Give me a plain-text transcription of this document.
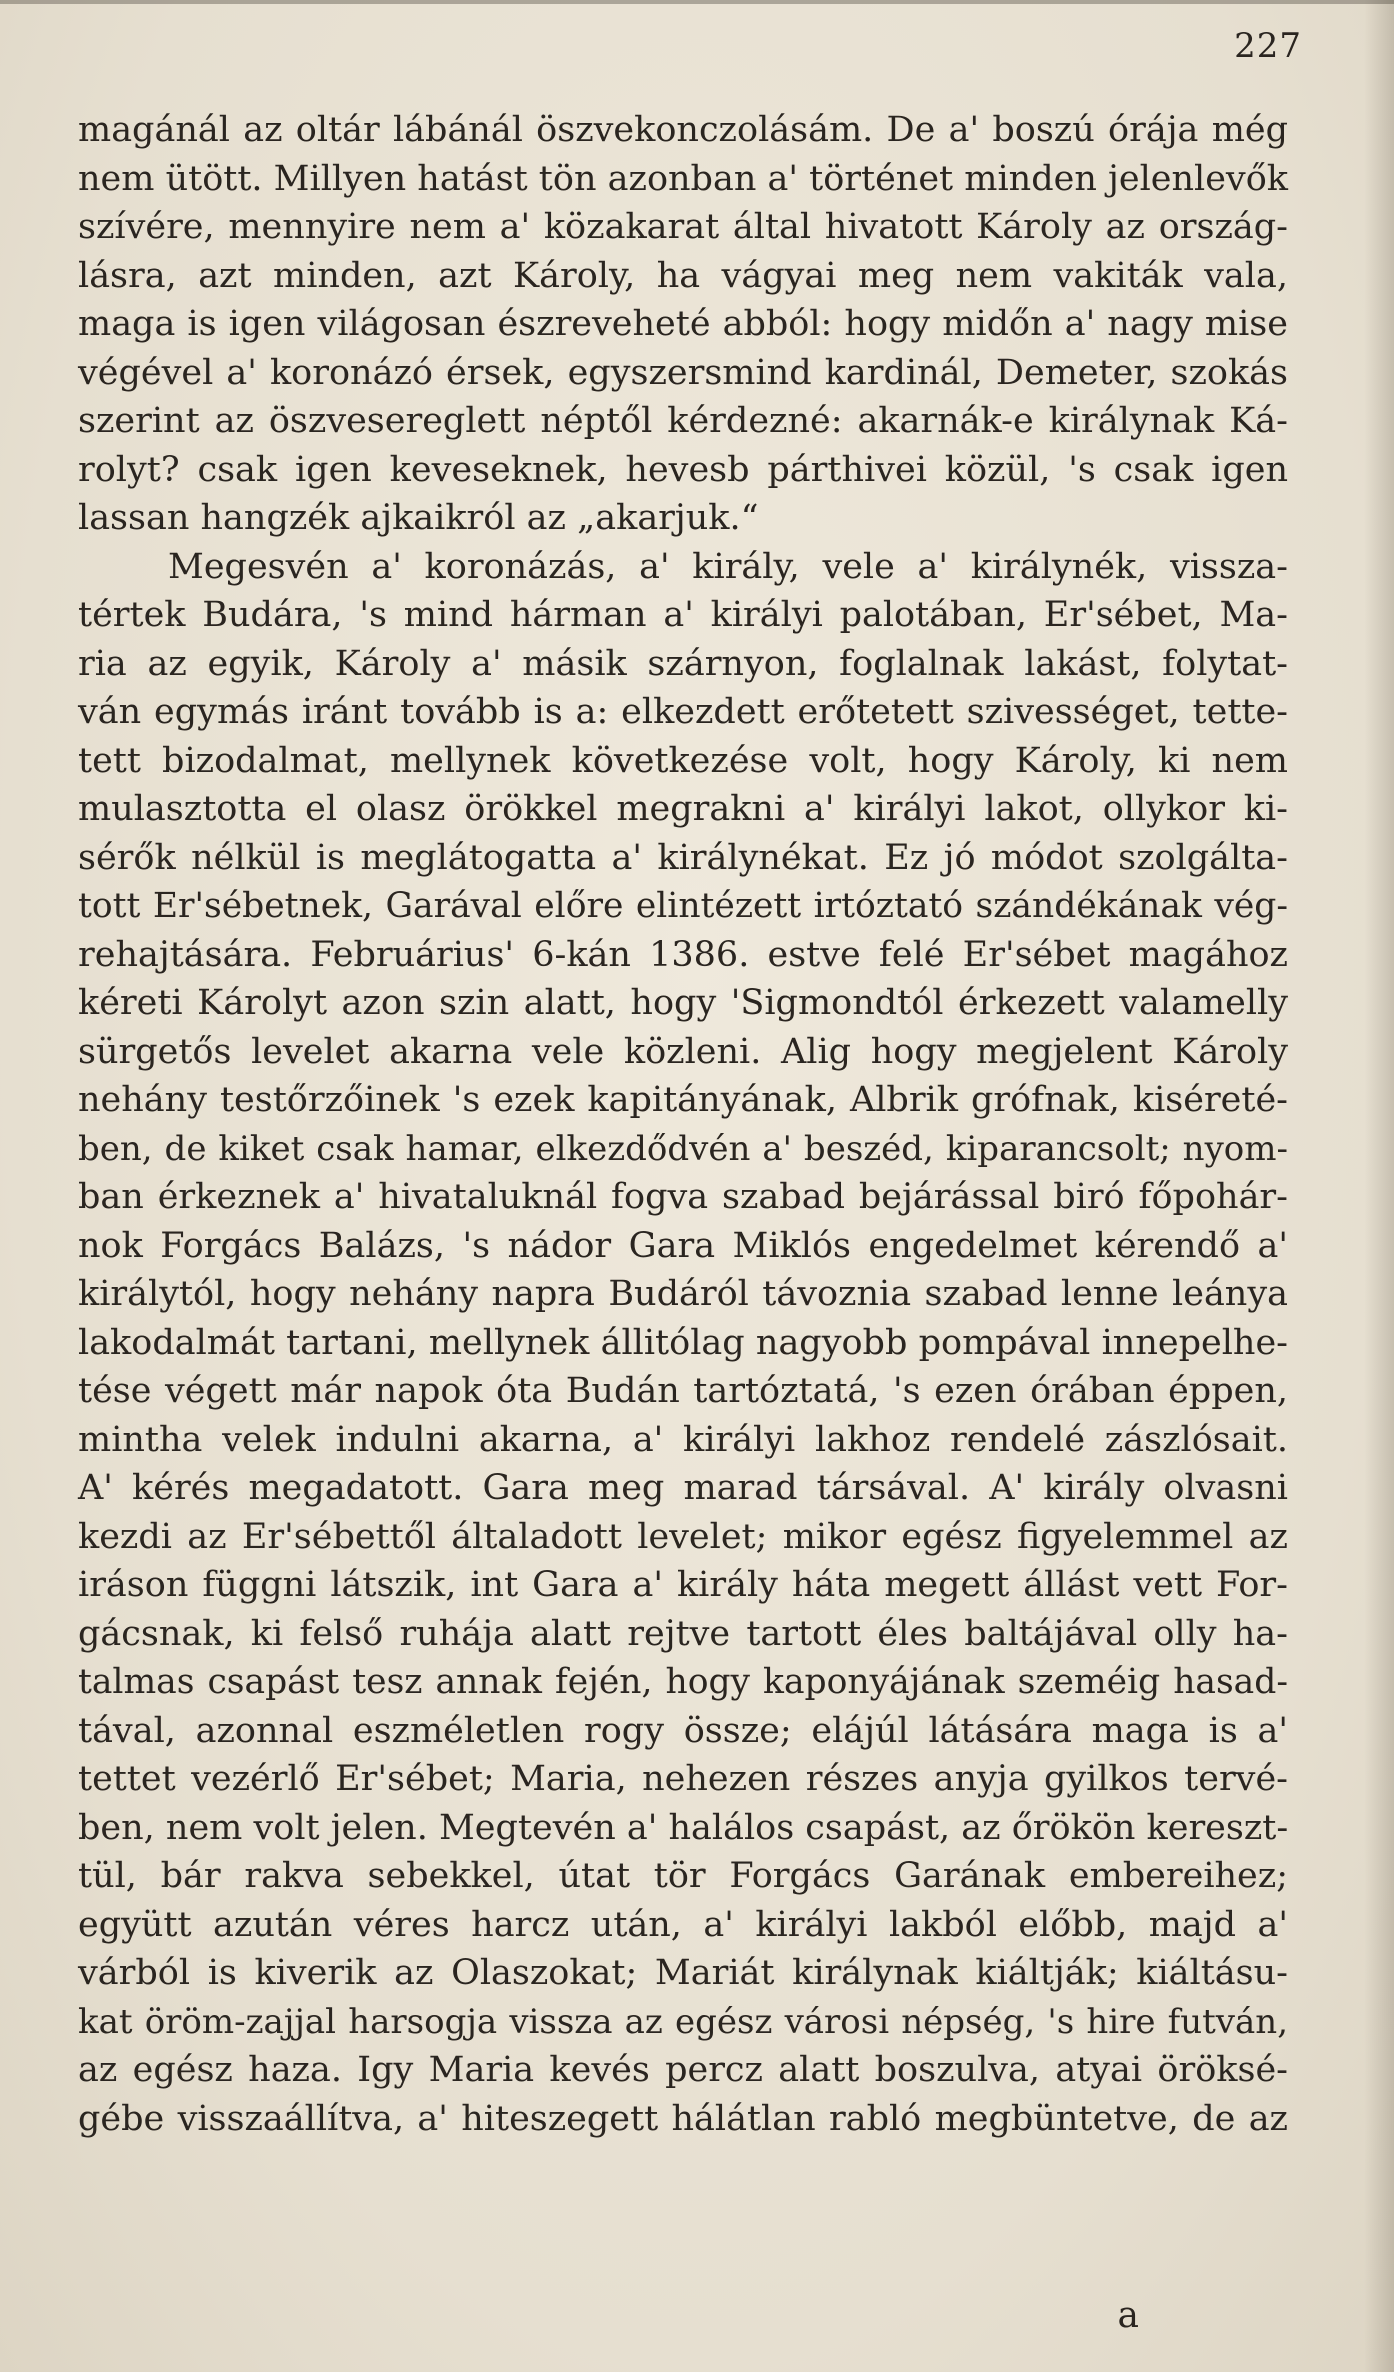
227
magánál az oltár lábánál öszvekonczolásám. De a' boszú órája még
nem ütött. Millyen hatást tön azonban a' történet minden jelenlevők
szívére, mennyire nem a' közakarat által hivatott Károly az ország-
lásra, azt minden, azt Károly, ha vágyai meg nem vakiták vala,
maga is igen világosan észreveheté abból: hogy midőn a' nagy mise
végével a' koronázó érsek, egyszersmind kardinál, Demeter, szokás
szerint az öszvesereglett néptől kérdezné: akarnák-e királynak Ká-
rolyt? csak igen keveseknek, hevesb párthivei közül, 's csak igen
lassan hangzék ajkaikról az „akarjuk.“
Megesvén a' koronázás, a' király, vele a' királynék, vissza-
tértek Budára, 's mind hárman a' királyi palotában, Er'sébet, Ma-
ria az egyik, Károly a' másik szárnyon, foglalnak lakást, folytat-
ván egymás iránt tovább is a: elkezdett erőtetett szivességet, tette-
tett bizodalmat, mellynek következése volt, hogy Károly, ki nem
mulasztotta el olasz örökkel megrakni a' királyi lakot, ollykor ki-
sérők nélkül is meglátogatta a' királynékat. Ez jó módot szolgálta-
tott Er'sébetnek, Garával előre elintézett irtóztató szándékának vég-
rehajtására. Februárius' 6-kán 1386. estve felé Er'sébet magához
kéreti Károlyt azon szin alatt, hogy 'Sigmondtól érkezett valamelly
sürgetős levelet akarna vele közleni. Alig hogy megjelent Károly
nehány testőrzőinek 's ezek kapitányának, Albrik grófnak, kiséreté-
ben, de kiket csak hamar, elkezdődvén a' beszéd, kiparancsolt; nyom-
ban érkeznek a' hivataluknál fogva szabad bejárással biró főpohár-
nok Forgács Balázs, 's nádor Gara Miklós engedelmet kérendő a'
királytól, hogy nehány napra Budáról távoznia szabad lenne leánya
lakodalmát tartani, mellynek állitólag nagyobb pompával innepelhe-
tése végett már napok óta Budán tartóztatá, 's ezen órában éppen,
mintha velek indulni akarna, a' királyi lakhoz rendelé zászlósait.
A' kérés megadatott. Gara meg marad társával. A' király olvasni
kezdi az Er'sébettől általadott levelet; mikor egész figyelemmel az
iráson függni látszik, int Gara a' király háta megett állást vett For-
gácsnak, ki felső ruhája alatt rejtve tartott éles baltájával olly ha-
talmas csapást tesz annak fején, hogy kaponyájának szeméig hasad-
tával, azonnal eszméletlen rogy össze; elájúl látására maga is a'
tettet vezérlő Er'sébet; Maria, nehezen részes anyja gyilkos tervé-
ben, nem volt jelen. Megtevén a' halálos csapást, az őrökön kereszt-
tül, bár rakva sebekkel, útat tör Forgács Garának embereihez;
együtt azután véres harcz után, a' királyi lakból előbb, majd a'
várból is kiverik az Olaszokat; Mariát királynak kiáltják; kiáltásu-
kat öröm-zajjal harsogja vissza az egész városi népség, 's hire futván,
az egész haza. Igy Maria kevés percz alatt boszulva, atyai öröksé-
gébe visszaállítva, a' hiteszegett hálátlan rabló megbüntetve, de az
a
